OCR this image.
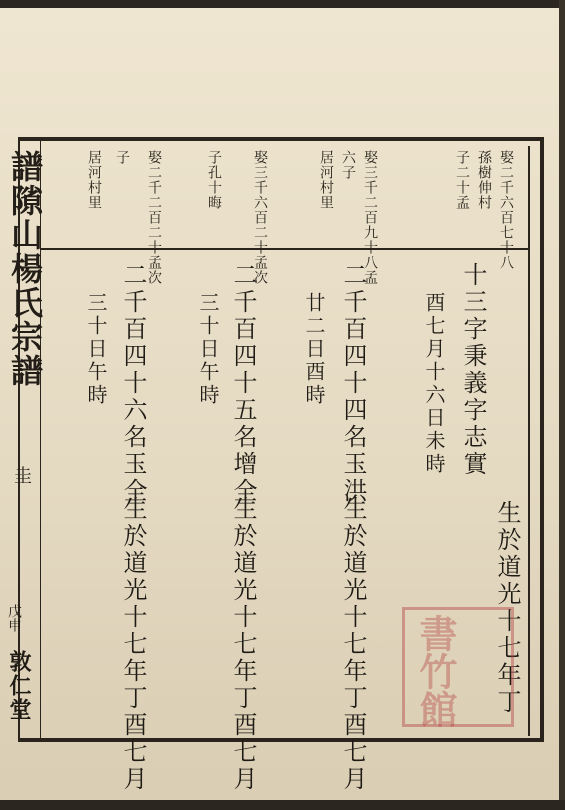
譜𨻶山楊氏宗譜
圭
戊申
敦仁堂
娶二千六百七十八
孫樹伸村
子二十孟
娶三千二百九十八孟
六子
居河村里
娶三千六百二十孟次
子孔十晦
娶二千二百二十孟次
子
居河村里
十三字秉義字志實
生於道光十七年丁
酉七月十六日未時
二千百四十四名玉洪
生於道光十七年丁酉七月
廿二日酉時
二千百四十五名增全
生於道光十七年丁酉七月
三十日午時
二千百四十六名玉全
生於道光十七年丁酉七月
三十日午時
書竹館
